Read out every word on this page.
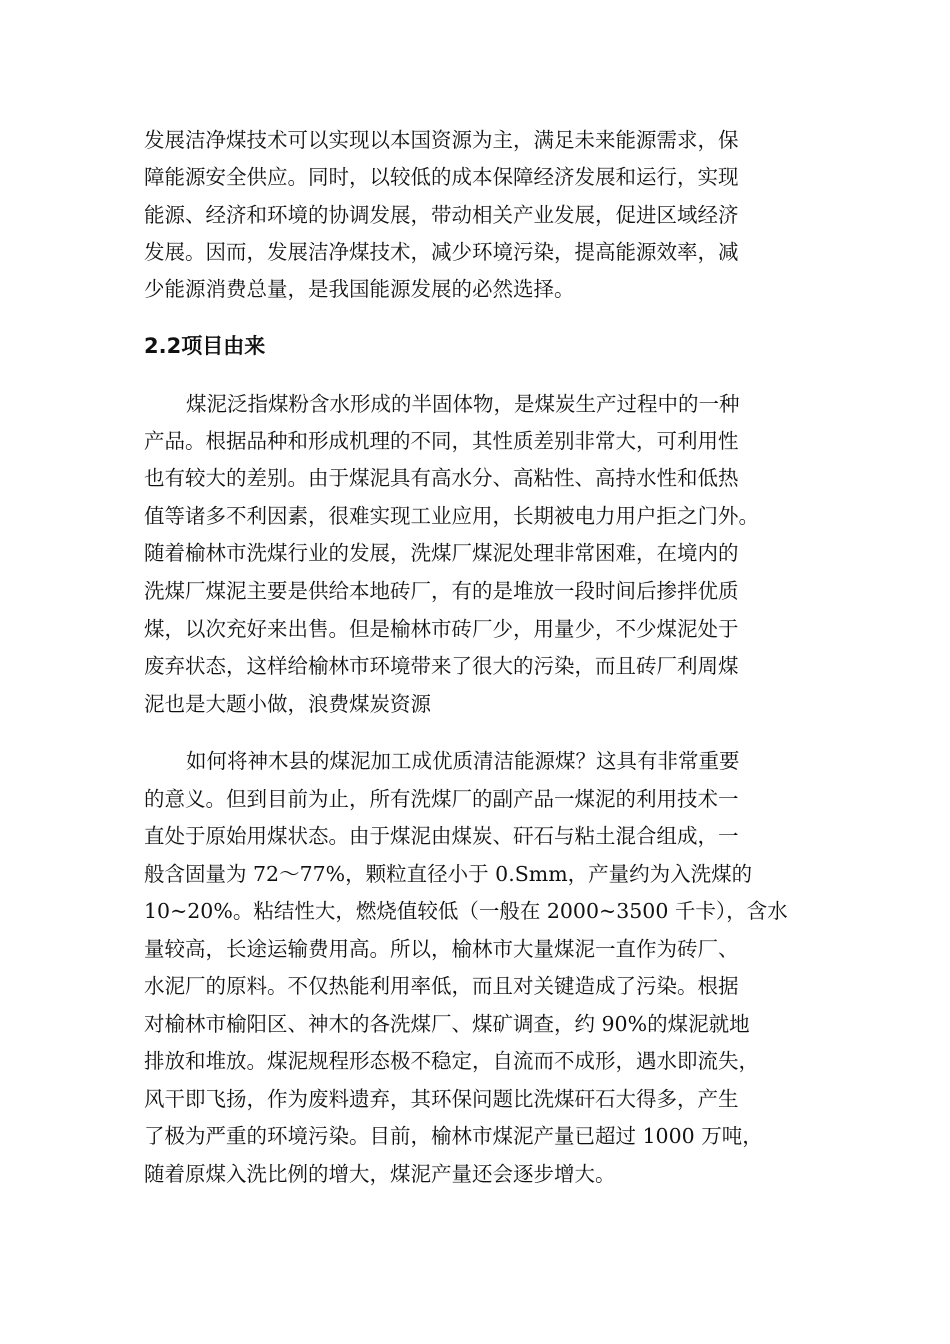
发展洁净煤技术可以实现以本国资源为主，满足未来能源需求，保
障能源安全供应。同时，以较低的成本保障经济发展和运行，实现
能源、经济和环境的协调发展，带动相关产业发展，促进区域经济
发展。因而，发展洁净煤技术，减少环境污染，提高能源效率，减
少能源消费总量，是我国能源发展的必然选择。
2.2项目由来
煤泥泛指煤粉含水形成的半固体物，是煤炭生产过程中的一种
产品。根据品种和形成机理的不同，其性质差别非常大，可利用性
也有较大的差别。由于煤泥具有高水分、高粘性、高持水性和低热
值等诸多不利因素，很难实现工业应用，长期被电力用户拒之门外。
随着榆林市洗煤行业的发展，洗煤厂煤泥处理非常困难，在境内的
洗煤厂煤泥主要是供给本地砖厂，有的是堆放一段时间后掺拌优质
煤，以次充好来出售。但是榆林市砖厂少，用量少，不少煤泥处于
废弃状态，这样给榆林市环境带来了很大的污染，而且砖厂利周煤
泥也是大题小做，浪费煤炭资源
如何将神木县的煤泥加工成优质清洁能源煤？这具有非常重要
的意义。但到目前为止，所有洗煤厂的副产品一煤泥的利用技术一
直处于原始用煤状态。由于煤泥由煤炭、矸石与粘土混合组成，一
般含固量为 72～77%，颗粒直径小于 0.Smm，产量约为入洗煤的
10~20%。粘结性大，燃烧值较低（一般在 2000~3500 千卡），含水
量较高，长途运输费用高。所以，榆林市大量煤泥一直作为砖厂、
水泥厂的原料。不仅热能利用率低，而且对关键造成了污染。根据
对榆林市榆阳区、神木的各洗煤厂、煤矿调查，约 90%的煤泥就地
排放和堆放。煤泥规程形态极不稳定，自流而不成形，遇水即流失，
风干即飞扬，作为废料遗弃，其环保问题比洗煤矸石大得多，产生
了极为严重的环境污染。目前，榆林市煤泥产量已超过 1000 万吨，
随着原煤入洗比例的增大，煤泥产量还会逐步增大。
